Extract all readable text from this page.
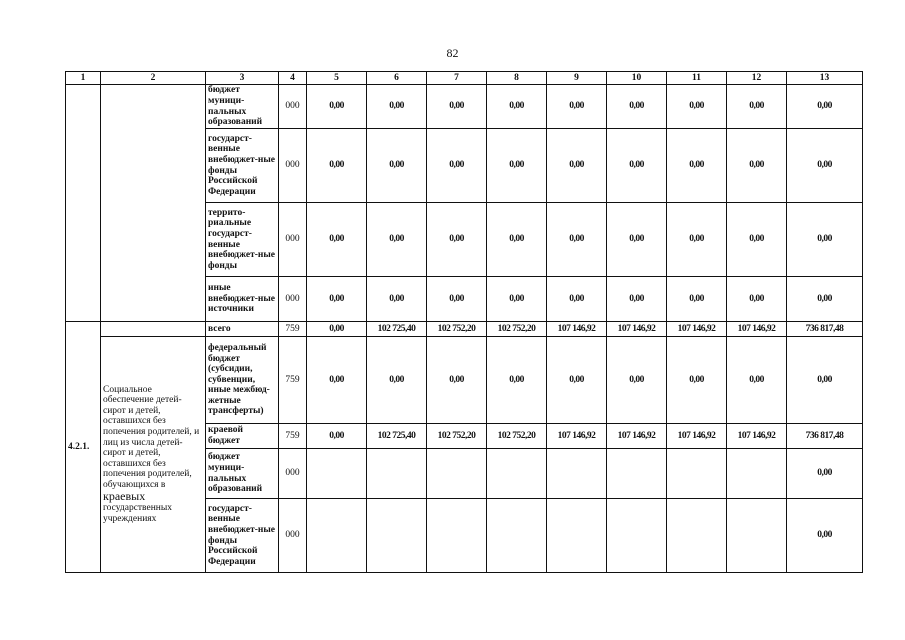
82
1	2	3	4	5	6	7	8	9	10	11	12	13
		бюджет муници-пальных образований	000	0,00	0,00	0,00	0,00	0,00	0,00	0,00	0,00	0,00
		государст-венные внебюджет-ные фонды Российской Федерации	000	0,00	0,00	0,00	0,00	0,00	0,00	0,00	0,00	0,00
		террито-риальные государст-венные внебюджет-ные фонды	000	0,00	0,00	0,00	0,00	0,00	0,00	0,00	0,00	0,00
		иные внебюджет-ные источники	000	0,00	0,00	0,00	0,00	0,00	0,00	0,00	0,00	0,00
4.2.1.		всего	759	0,00	102 725,40	102 752,20	102 752,20	107 146,92	107 146,92	107 146,92	107 146,92	736 817,48
	Социальное обеспечение детей-сирот и детей, оставшихся без попечения родителей, и лиц из числа детей-сирот и детей, оставшихся без попечения родителей, обучающихся в краевых государственных учреждениях	федеральный бюджет (субсидии, субвенции, иные межбюд-жетные трансферты)	759	0,00	0,00	0,00	0,00	0,00	0,00	0,00	0,00	0,00
		краевой бюджет	759	0,00	102 725,40	102 752,20	102 752,20	107 146,92	107 146,92	107 146,92	107 146,92	736 817,48
		бюджет муници-пальных образований	000									0,00
		государст-венные внебюджет-ные фонды Российской Федерации	000									0,00
